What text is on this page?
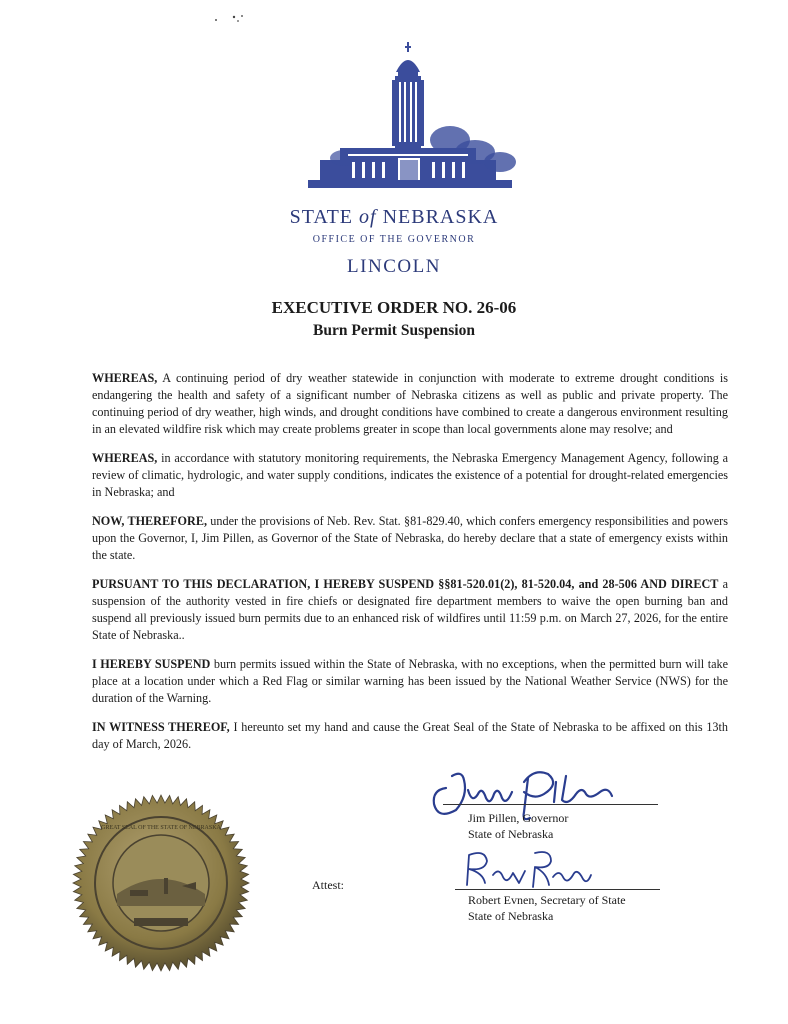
STATE of NEBRASKA
OFFICE OF THE GOVERNOR
LINCOLN
EXECUTIVE ORDER NO. 26-06
Burn Permit Suspension

WHEREAS, A continuing period of dry weather statewide in conjunction with moderate to extreme drought conditions is endangering the health and safety of a significant number of Nebraska citizens as well as public and private property. The continuing period of dry weather, high winds, and drought conditions have combined to create a dangerous environment resulting in an elevated wildfire risk which may create problems greater in scope than local governments alone may resolve; and

WHEREAS, in accordance with statutory monitoring requirements, the Nebraska Emergency Management Agency, following a review of climatic, hydrologic, and water supply conditions, indicates the existence of a potential for drought-related emergencies in Nebraska; and

NOW, THEREFORE, under the provisions of Neb. Rev. Stat. §81-829.40, which confers emergency responsibilities and powers upon the Governor, I, Jim Pillen, as Governor of the State of Nebraska, do hereby declare that a state of emergency exists within the state.

PURSUANT TO THIS DECLARATION, I HEREBY SUSPEND §§81-520.01(2), 81-520.04, and 28-506 AND DIRECT a suspension of the authority vested in fire chiefs or designated fire department members to waive the open burning ban and suspend all previously issued burn permits due to an enhanced risk of wildfires until 11:59 p.m. on March 27, 2026, for the entire State of Nebraska..

I HEREBY SUSPEND burn permits issued within the State of Nebraska, with no exceptions, when the permitted burn will take place at a location under which a Red Flag or similar warning has been issued by the National Weather Service (NWS) for the duration of the Warning.

IN WITNESS THEREOF, I hereunto set my hand and cause the Great Seal of the State of Nebraska to be affixed on this 13th day of March, 2026.

GREAT SEAL OF THE STATE OF NEBRASKA
Attest:
Jim Pillen, Governor
State of Nebraska
Robert Evnen, Secretary of State
State of Nebraska
